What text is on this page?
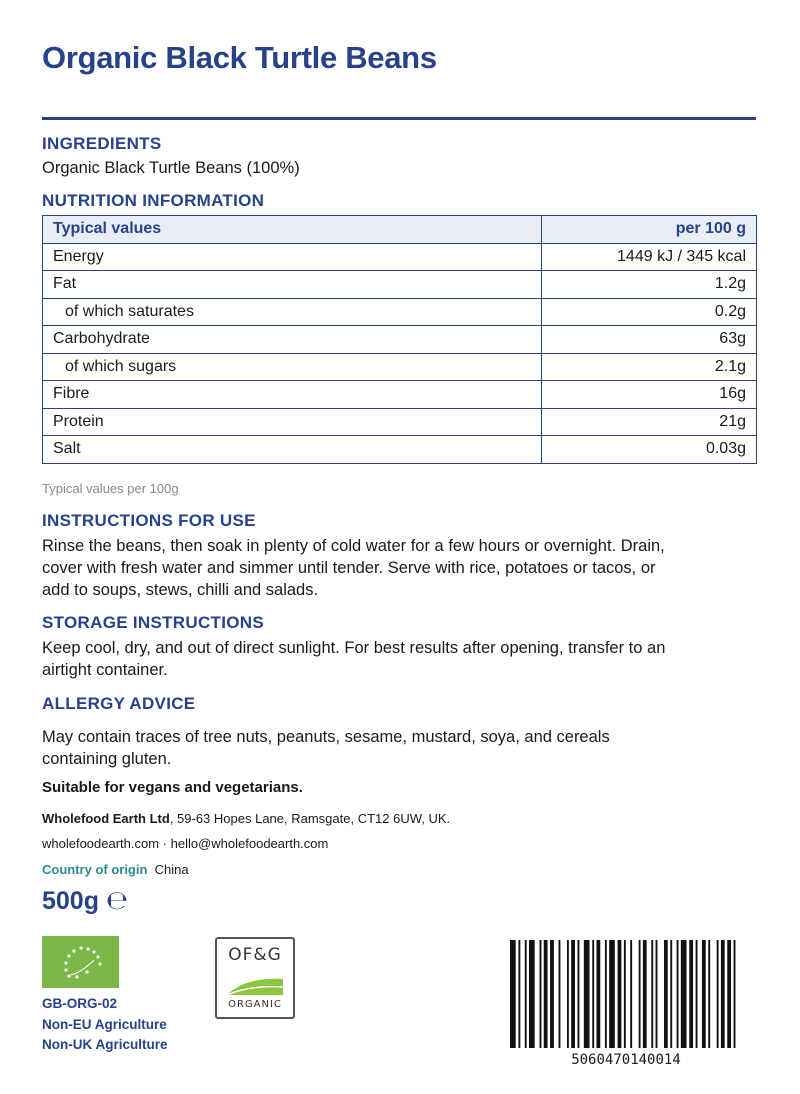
Organic Black Turtle Beans
INGREDIENTS
Organic Black Turtle Beans (100%)
NUTRITION INFORMATION
Typical values	per 100 g
Energy	1449 kJ / 345 kcal
Fat	1.2g
of which saturates	0.2g
Carbohydrate	63g
of which sugars	2.1g
Fibre	16g
Protein	21g
Salt	0.03g
Typical values per 100g
INSTRUCTIONS FOR USE
Rinse the beans, then soak in plenty of cold water for a few hours or overnight. Drain,
cover with fresh water and simmer until tender. Serve with rice, potatoes or tacos, or
add to soups, stews, chilli and salads.
STORAGE INSTRUCTIONS
Keep cool, dry, and out of direct sunlight. For best results after opening, transfer to an
airtight container.
ALLERGY ADVICE
May contain traces of tree nuts, peanuts, sesame, mustard, soya, and cereals
containing gluten.
Suitable for vegans and vegetarians.
Wholefood Earth Ltd, 59-63 Hopes Lane, Ramsgate, CT12 6UW, UK.
wholefoodearth.com · hello@wholefoodearth.com
Country of origin China
500g ℮
OF&G
ORGANIC
GB-ORG-02
Non-EU Agriculture
Non-UK Agriculture
5060470140014
